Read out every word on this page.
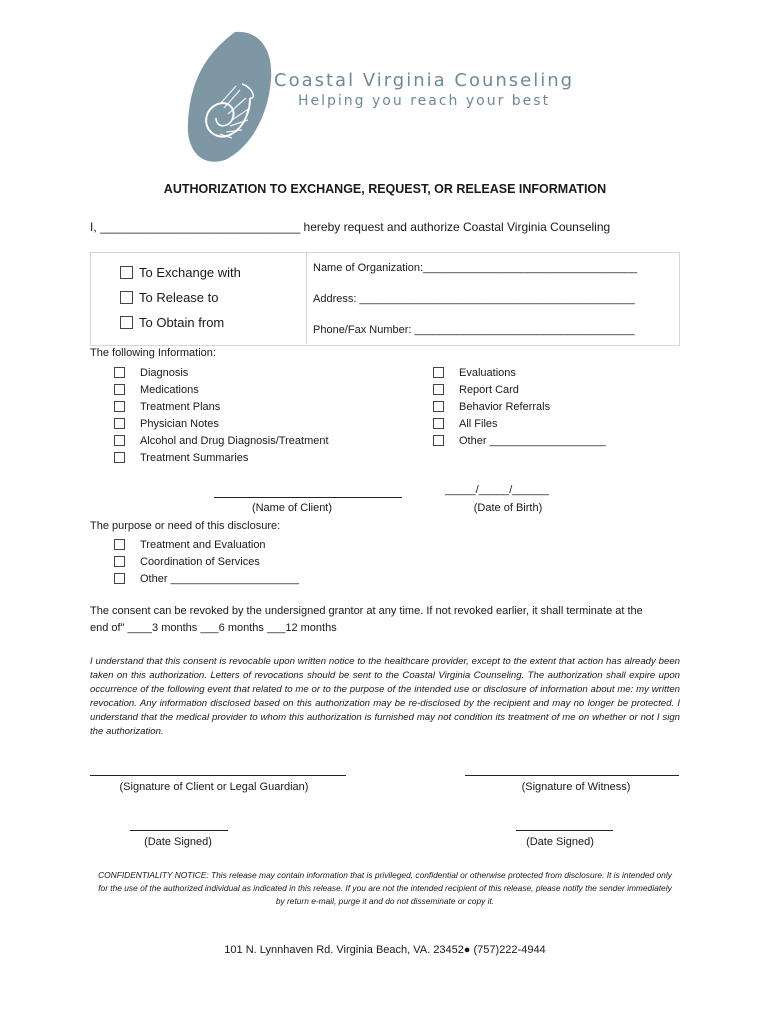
Coastal Virginia Counseling
Helping you reach your best
AUTHORIZATION TO EXCHANGE, REQUEST, OR RELEASE INFORMATION
I, ______________________________ hereby request and authorize Coastal Virginia Counseling
To Exchange with
To Release to
To Obtain from
Name of Organization:___________________________________
Address: _____________________________________________
Phone/Fax Number: ____________________________________
The following Information:
Diagnosis
Medications
Treatment Plans
Physician Notes
Alcohol and Drug Diagnosis/Treatment
Treatment Summaries
Evaluations
Report Card
Behavior Referrals
All Files
Other ___________________
(Name of Client)
_____/_____/______
(Date of Birth)
The purpose or need of this disclosure:
Treatment and Evaluation
Coordination of Services
Other _____________________
The consent can be revoked by the undersigned grantor at any time. If not revoked earlier, it shall terminate at the
end of" ____3 months ___6 months ___12 months
I understand that this consent is revocable upon written notice to the healthcare provider, except to the extent that action has already been taken on this authorization. Letters of revocations should be sent to the Coastal Virginia Counseling. The authorization shall expire upon occurrence of the following event that related to me or to the purpose of the intended use or disclosure of information about me: my written revocation. Any information disclosed based on this authorization may be re-disclosed by the recipient and may no longer be protected. I understand that the medical provider to whom this authorization is furnished may not condition its treatment of me on whether or not I sign the authorization.
(Signature of Client or Legal Guardian)	(Signature of Witness)
(Date Signed)	(Date Signed)
CONFIDENTIALITY NOTICE: This release may contain information that is privileged, confidential or otherwise protected from disclosure. It is intended only for the use of the authorized individual as indicated in this release. If you are not the intended recipient of this release, please notify the sender immediately by return e-mail, purge it and do not disseminate or copy it.
101 N. Lynnhaven Rd. Virginia Beach, VA. 23452● (757)222-4944
